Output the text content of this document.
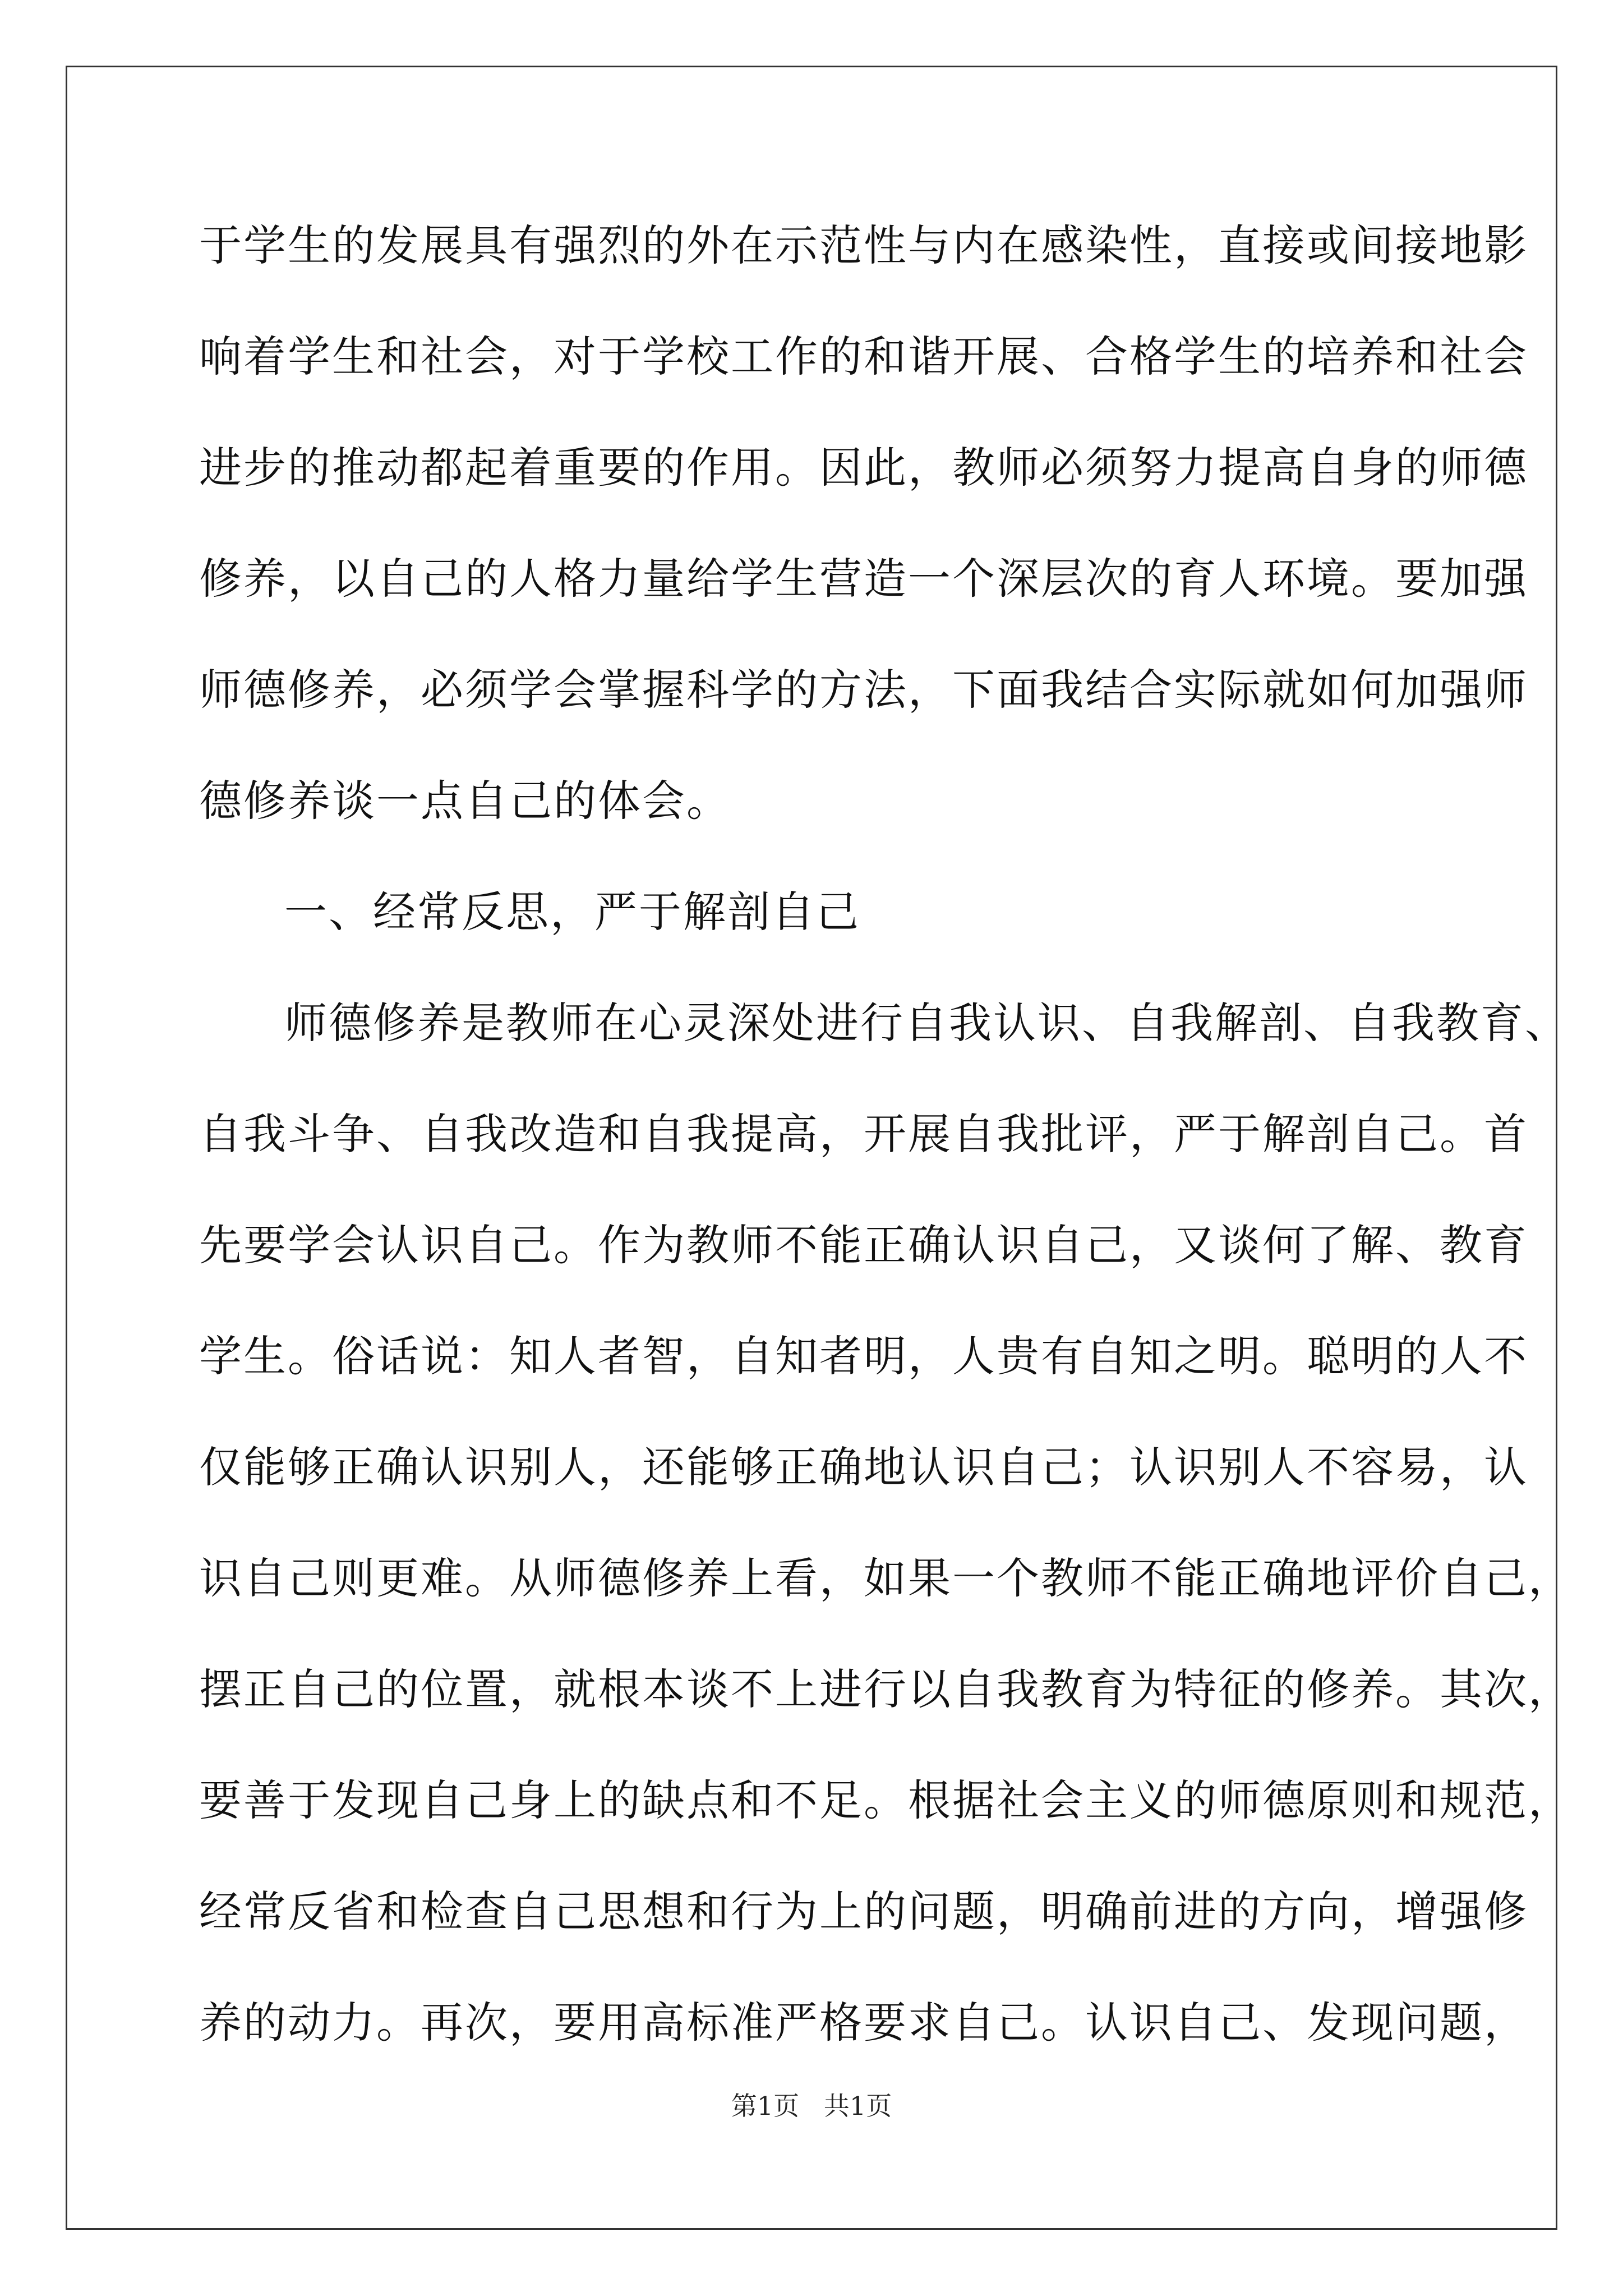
于学生的发展具有强烈的外在示范性与内在感染性，直接或间接地影
响着学生和社会，对于学校工作的和谐开展、合格学生的培养和社会
进步的推动都起着重要的作用。因此，教师必须努力提高自身的师德
修养，以自己的人格力量给学生营造一个深层次的育人环境。要加强
师德修养，必须学会掌握科学的方法，下面我结合实际就如何加强师
德修养谈一点自己的体会。
一、经常反思，严于解剖自己
师德修养是教师在心灵深处进行自我认识、自我解剖、自我教育、
自我斗争、自我改造和自我提高，开展自我批评，严于解剖自己。首
先要学会认识自己。作为教师不能正确认识自己，又谈何了解、教育
学生。俗话说：知人者智，自知者明，人贵有自知之明。聪明的人不
仅能够正确认识别人，还能够正确地认识自己；认识别人不容易，认
识自己则更难。从师德修养上看，如果一个教师不能正确地评价自己，
摆正自己的位置，就根本谈不上进行以自我教育为特征的修养。其次，
要善于发现自己身上的缺点和不足。根据社会主义的师德原则和规范，
经常反省和检查自己思想和行为上的问题，明确前进的方向，增强修
养的动力。再次，要用高标准严格要求自己。认识自己、发现问题，
第1页   共1页
